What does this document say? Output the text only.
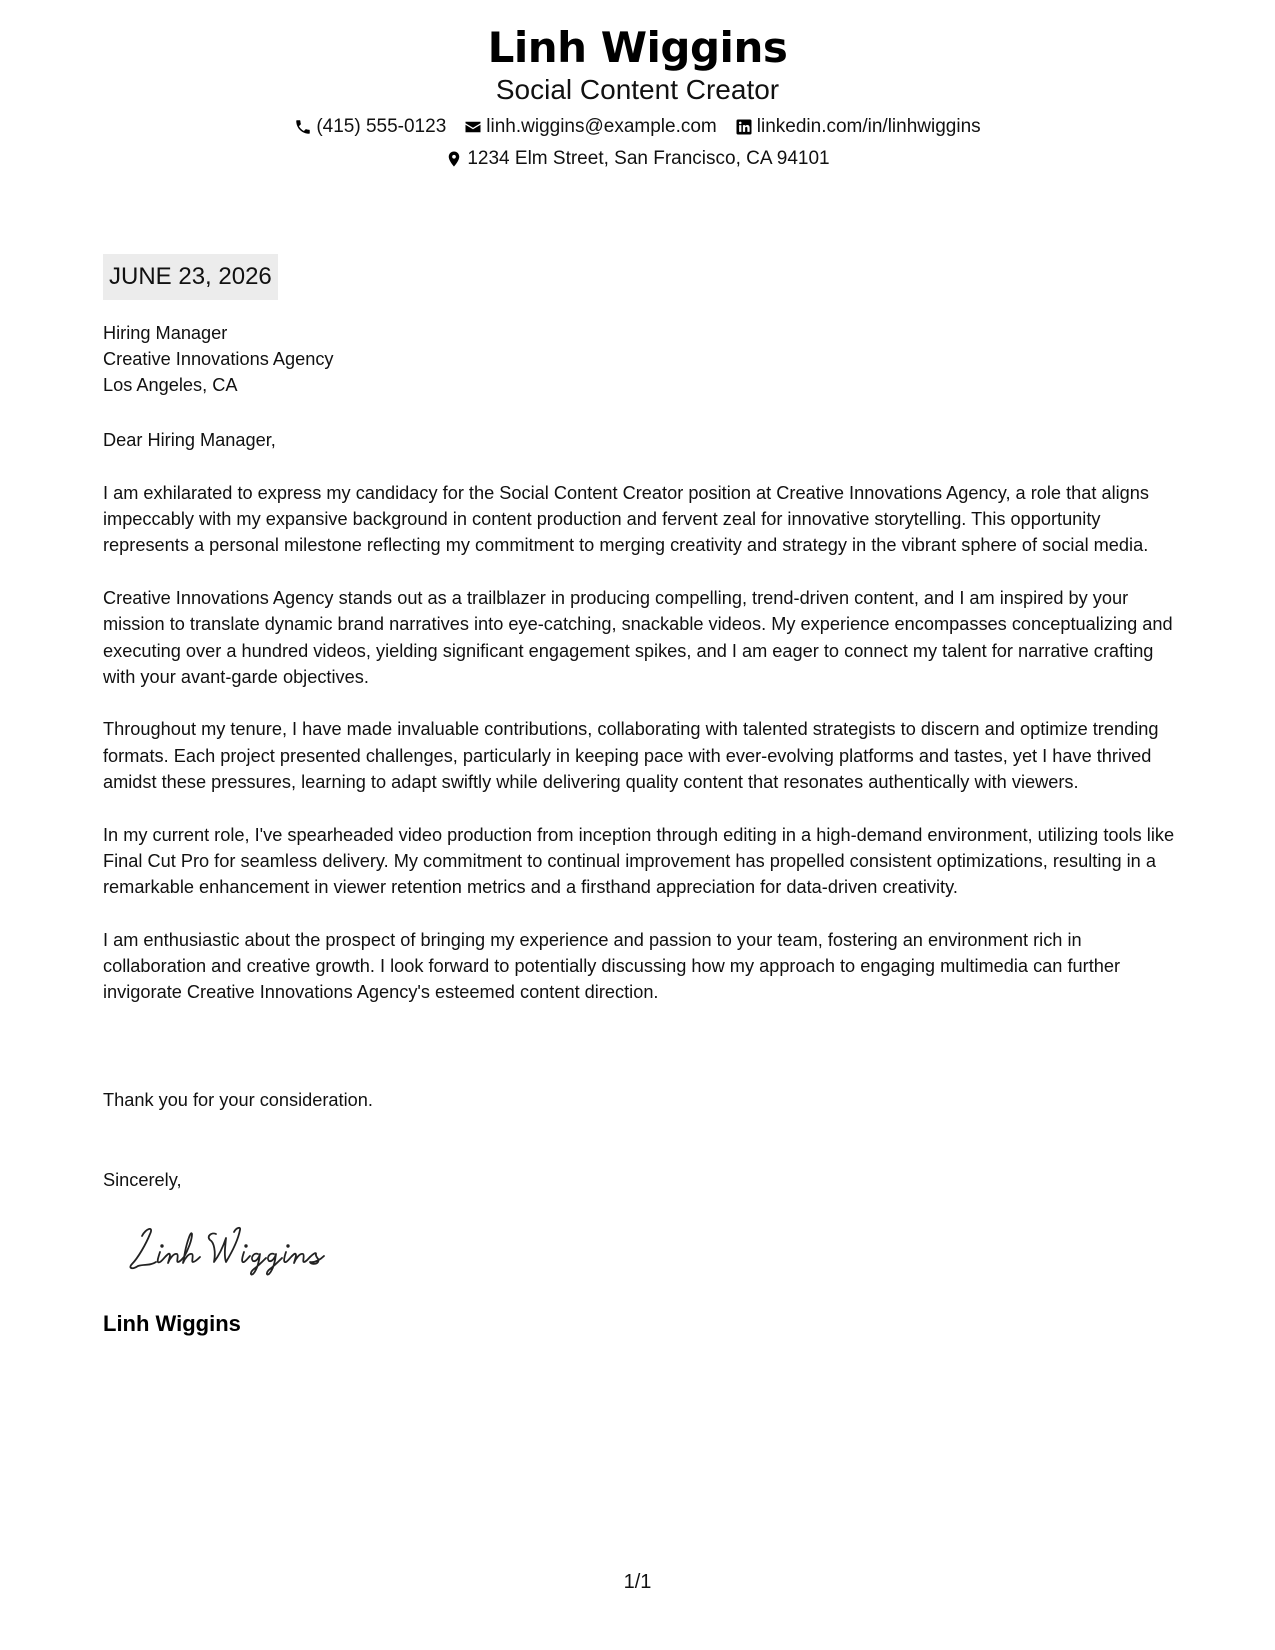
Linh Wiggins
Social Content Creator
(415) 555-0123 linh.wiggins@example.com linkedin.com/in/linhwiggins
1234 Elm Street, San Francisco, CA 94101
JUNE 23, 2026
Hiring Manager
Creative Innovations Agency
Los Angeles, CA
Dear Hiring Manager,

I am exhilarated to express my candidacy for the Social Content Creator position at Creative Innovations Agency, a role that aligns impeccably with my expansive background in content production and fervent zeal for innovative storytelling. This opportunity represents a personal milestone reflecting my commitment to merging creativity and strategy in the vibrant sphere of social media.

Creative Innovations Agency stands out as a trailblazer in producing compelling, trend-driven content, and I am inspired by your mission to translate dynamic brand narratives into eye-catching, snackable videos. My experience encompasses conceptualizing and executing over a hundred videos, yielding significant engagement spikes, and I am eager to connect my talent for narrative crafting with your avant-garde objectives.

Throughout my tenure, I have made invaluable contributions, collaborating with talented strategists to discern and optimize trending formats. Each project presented challenges, particularly in keeping pace with ever-evolving platforms and tastes, yet I have thrived amidst these pressures, learning to adapt swiftly while delivering quality content that resonates authentically with viewers.

In my current role, I've spearheaded video production from inception through editing in a high-demand environment, utilizing tools like Final Cut Pro for seamless delivery. My commitment to continual improvement has propelled consistent optimizations, resulting in a remarkable enhancement in viewer retention metrics and a firsthand appreciation for data-driven creativity.

I am enthusiastic about the prospect of bringing my experience and passion to your team, fostering an environment rich in collaboration and creative growth. I look forward to potentially discussing how my approach to engaging multimedia can further invigorate Creative Innovations Agency's esteemed content direction.

Thank you for your consideration.
Sincerely,
Linh Wiggins
1/1
